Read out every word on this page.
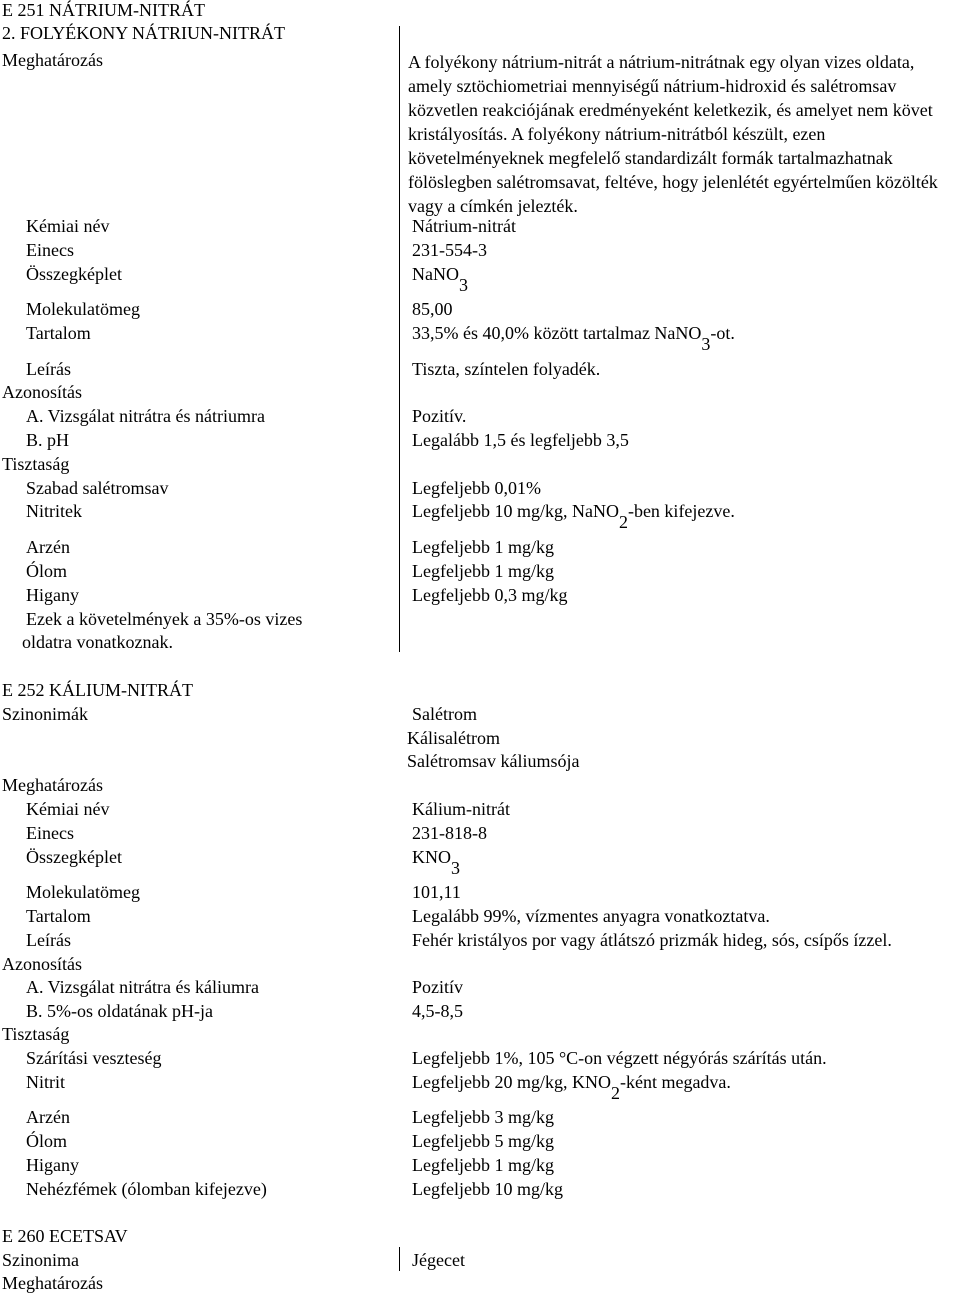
E 251 NÁTRIUM-NITRÁT
2. FOLYÉKONY NÁTRIUN-NITRÁT
Meghatározás	A folyékony nátrium-nitrát a nátrium-nitrátnak egy olyan vizes oldata, amely sztöchiometriai mennyiségű nátrium-hidroxid és salétromsav közvetlen reakciójának eredményeként keletkezik, és amelyet nem követ kristályosítás. A folyékony nátrium-nitrátból készült, ezen követelményeknek megfelelő standardizált formák tartalmazhatnak fölöslegben salétromsavat, feltéve, hogy jelenlétét egyértelműen közölték vagy a címkén jelezték.
Kémiai név	Nátrium-nitrát
Einecs	231-554-3
Összegképlet	NaNO$_3$
Molekulatömeg	85,00
Tartalom	33,5% és 40,0% között tartalmaz NaNO$_3$-ot.
Leírás	Tiszta, színtelen folyadék.
Azonosítás
A. Vizsgálat nitrátra és nátriumra	Pozitív.
B. pH	Legalább 1,5 és legfeljebb 3,5
Tisztaság
Szabad salétromsav	Legfeljebb 0,01%
Nitritek	Legfeljebb 10 mg/kg, NaNO$_2$-ben kifejezve.
Arzén	Legfeljebb 1 mg/kg
Ólom	Legfeljebb 1 mg/kg
Higany	Legfeljebb 0,3 mg/kg
Ezek a követelmények a 35%-os vizes
oldatra vonatkoznak.
E 252 KÁLIUM-NITRÁT
Szinonimák	Salétrom
Kálisalétrom
Salétromsav káliumsója
Meghatározás
Kémiai név	Kálium-nitrát
Einecs	231-818-8
Összegképlet	$KNO_3$
Molekulatömeg	101,11
Tartalom	Legalább 99%, vízmentes anyagra vonatkoztatva.
Leírás	Fehér kristályos por vagy átlátszó prizmák hideg, sós, csípős ízzel.
Azonosítás
A. Vizsgálat nitrátra és káliumra	Pozitív
B. 5%-os oldatának pH-ja	4,5-8,5
Tisztaság
Szárítási veszteség	Legfeljebb 1%, 105 °C-on végzett négyórás szárítás után.
Nitrit	Legfeljebb 20 mg/kg, $KNO_2$-ként megadva.
Arzén	Legfeljebb 3 mg/kg
Ólom	Legfeljebb 5 mg/kg
Higany	Legfeljebb 1 mg/kg
Nehézfémek (ólomban kifejezve)	Legfeljebb 10 mg/kg
E 260 ECETSAV
Szinonima	Jégecet
Meghatározás
